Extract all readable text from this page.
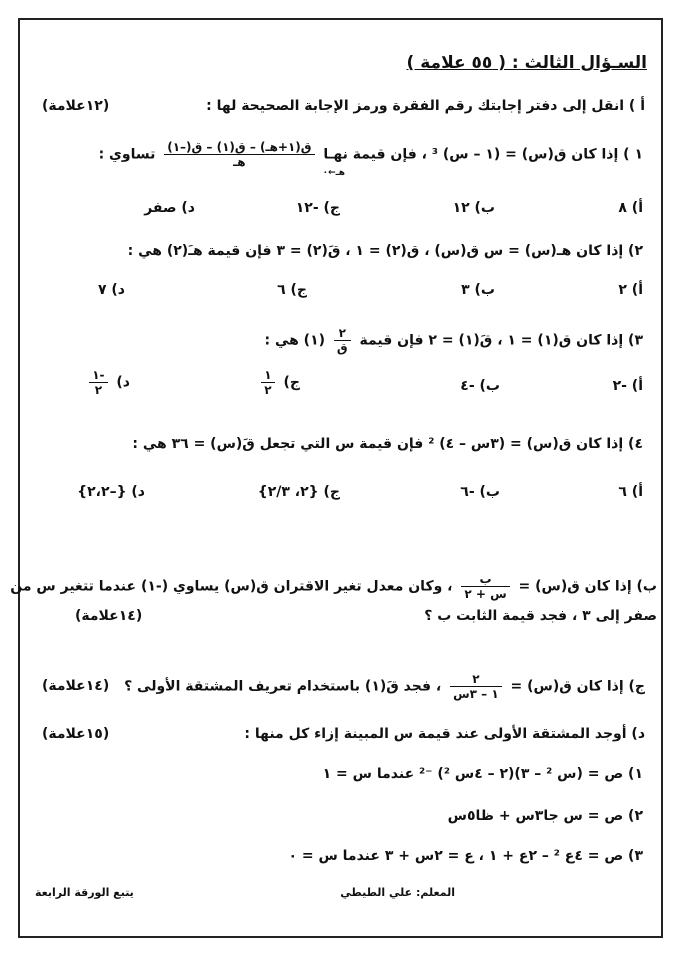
السـؤال الثالث : ( ٥٥ علامة )
أ ) انقل إلى دفتر إجابتك رقم الفقرة ورمز الإجابة الصحيحة لها :
(١٢علامة)
١ ) إذا كان ق(س) = (١ – س) ³ ، فإن قيمة نهـا
$\frac{\text{ق(١+هـ) – ق(١) – ق(–١)}}{\text{هـ}}$
تساوي :
هـ←٠
أ) ٨
ب) ١٢
ج) -١٢
د) صفر
٢) إذا كان هـ(س) = س ق(س) ، ق(٢) = ١ ، قَ(٢) = ٣ فإن قيمة هـَ(٢) هي :
أ) ٢
ب) ٣
ج) ٦
د) ٧
٣) إذا كان ق(١) = ١ ، قَ(١) = ٢ فإن قيمة
$\frac{٢}{\text{ق}}$
(١) هي :
أ) -٢
ب) -٤
ج)
$\frac{١}{٢}$
د)
$\frac{-١}{٢}$
٤) إذا كان ق(س) = (٣س – ٤) ² فإن قيمة س التي تجعل قَ(س) = ٣٦ هي :
أ) ٦
ب) -٦
ج) {٢، ٢/٣}
د) {–٢،٢}
ب) إذا كان ق(س) =
$\frac{\text{ب}}{\text{س + ٢}}$
، وكان معدل تغير الاقتران ق(س) يساوي (-١) عندما تتغير س من
صفر إلى ٣ ، فجد قيمة الثابت ب ؟
(١٤علامة)
ج) إذا كان ق(س) =
$\frac{٢}{\text{١ – ٣س}}$
، فجد قَ(١) باستخدام تعريف المشتقة الأولى ؟
(١٤علامة)
د) أوجد المشتقة الأولى عند قيمة س المبينة إزاء كل منها :
(١٥علامة)
١) ص = (س ² – ٣)(٢ – ٤س ²) ⁻² عندما س = ١
٢) ص = س جا٣س + ظا٥س
٣) ص = ٤ع ² – ٢ع + ١ ، ع = ٢س + ٣ عندما س = ٠
المعلم: علي الطيطي
يتبع الورقة الرابعة
